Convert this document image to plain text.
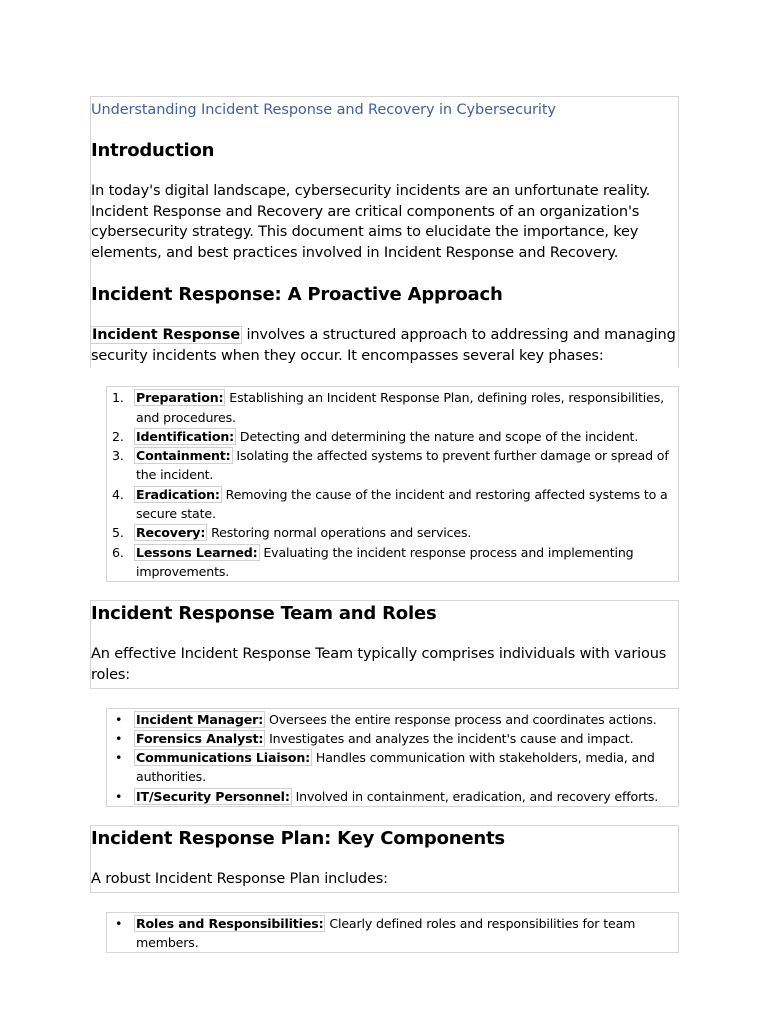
Understanding Incident Response and Recovery in Cybersecurity
Introduction

In today's digital landscape, cybersecurity incidents are an unfortunate reality. Incident Response and Recovery are critical components of an organization's cybersecurity strategy. This document aims to elucidate the importance, key elements, and best practices involved in Incident Response and Recovery.

Incident Response: A Proactive Approach

Incident Response involves a structured approach to addressing and managing security incidents when they occur. It encompasses several key phases:

1. Preparation: Establishing an Incident Response Plan, defining roles, responsibilities, and procedures.
2. Identification: Detecting and determining the nature and scope of the incident.
3. Containment: Isolating the affected systems to prevent further damage or spread of the incident.
4. Eradication: Removing the cause of the incident and restoring affected systems to a secure state.
5. Recovery: Restoring normal operations and services.
6. Lessons Learned: Evaluating the incident response process and implementing improvements.
Incident Response Team and Roles

An effective Incident Response Team typically comprises individuals with various roles:

• Incident Manager: Oversees the entire response process and coordinates actions.
• Forensics Analyst: Investigates and analyzes the incident's cause and impact.
• Communications Liaison: Handles communication with stakeholders, media, and authorities.
• IT/Security Personnel: Involved in containment, eradication, and recovery efforts.
Incident Response Plan: Key Components

A robust Incident Response Plan includes:

• Roles and Responsibilities: Clearly defined roles and responsibilities for team members.
